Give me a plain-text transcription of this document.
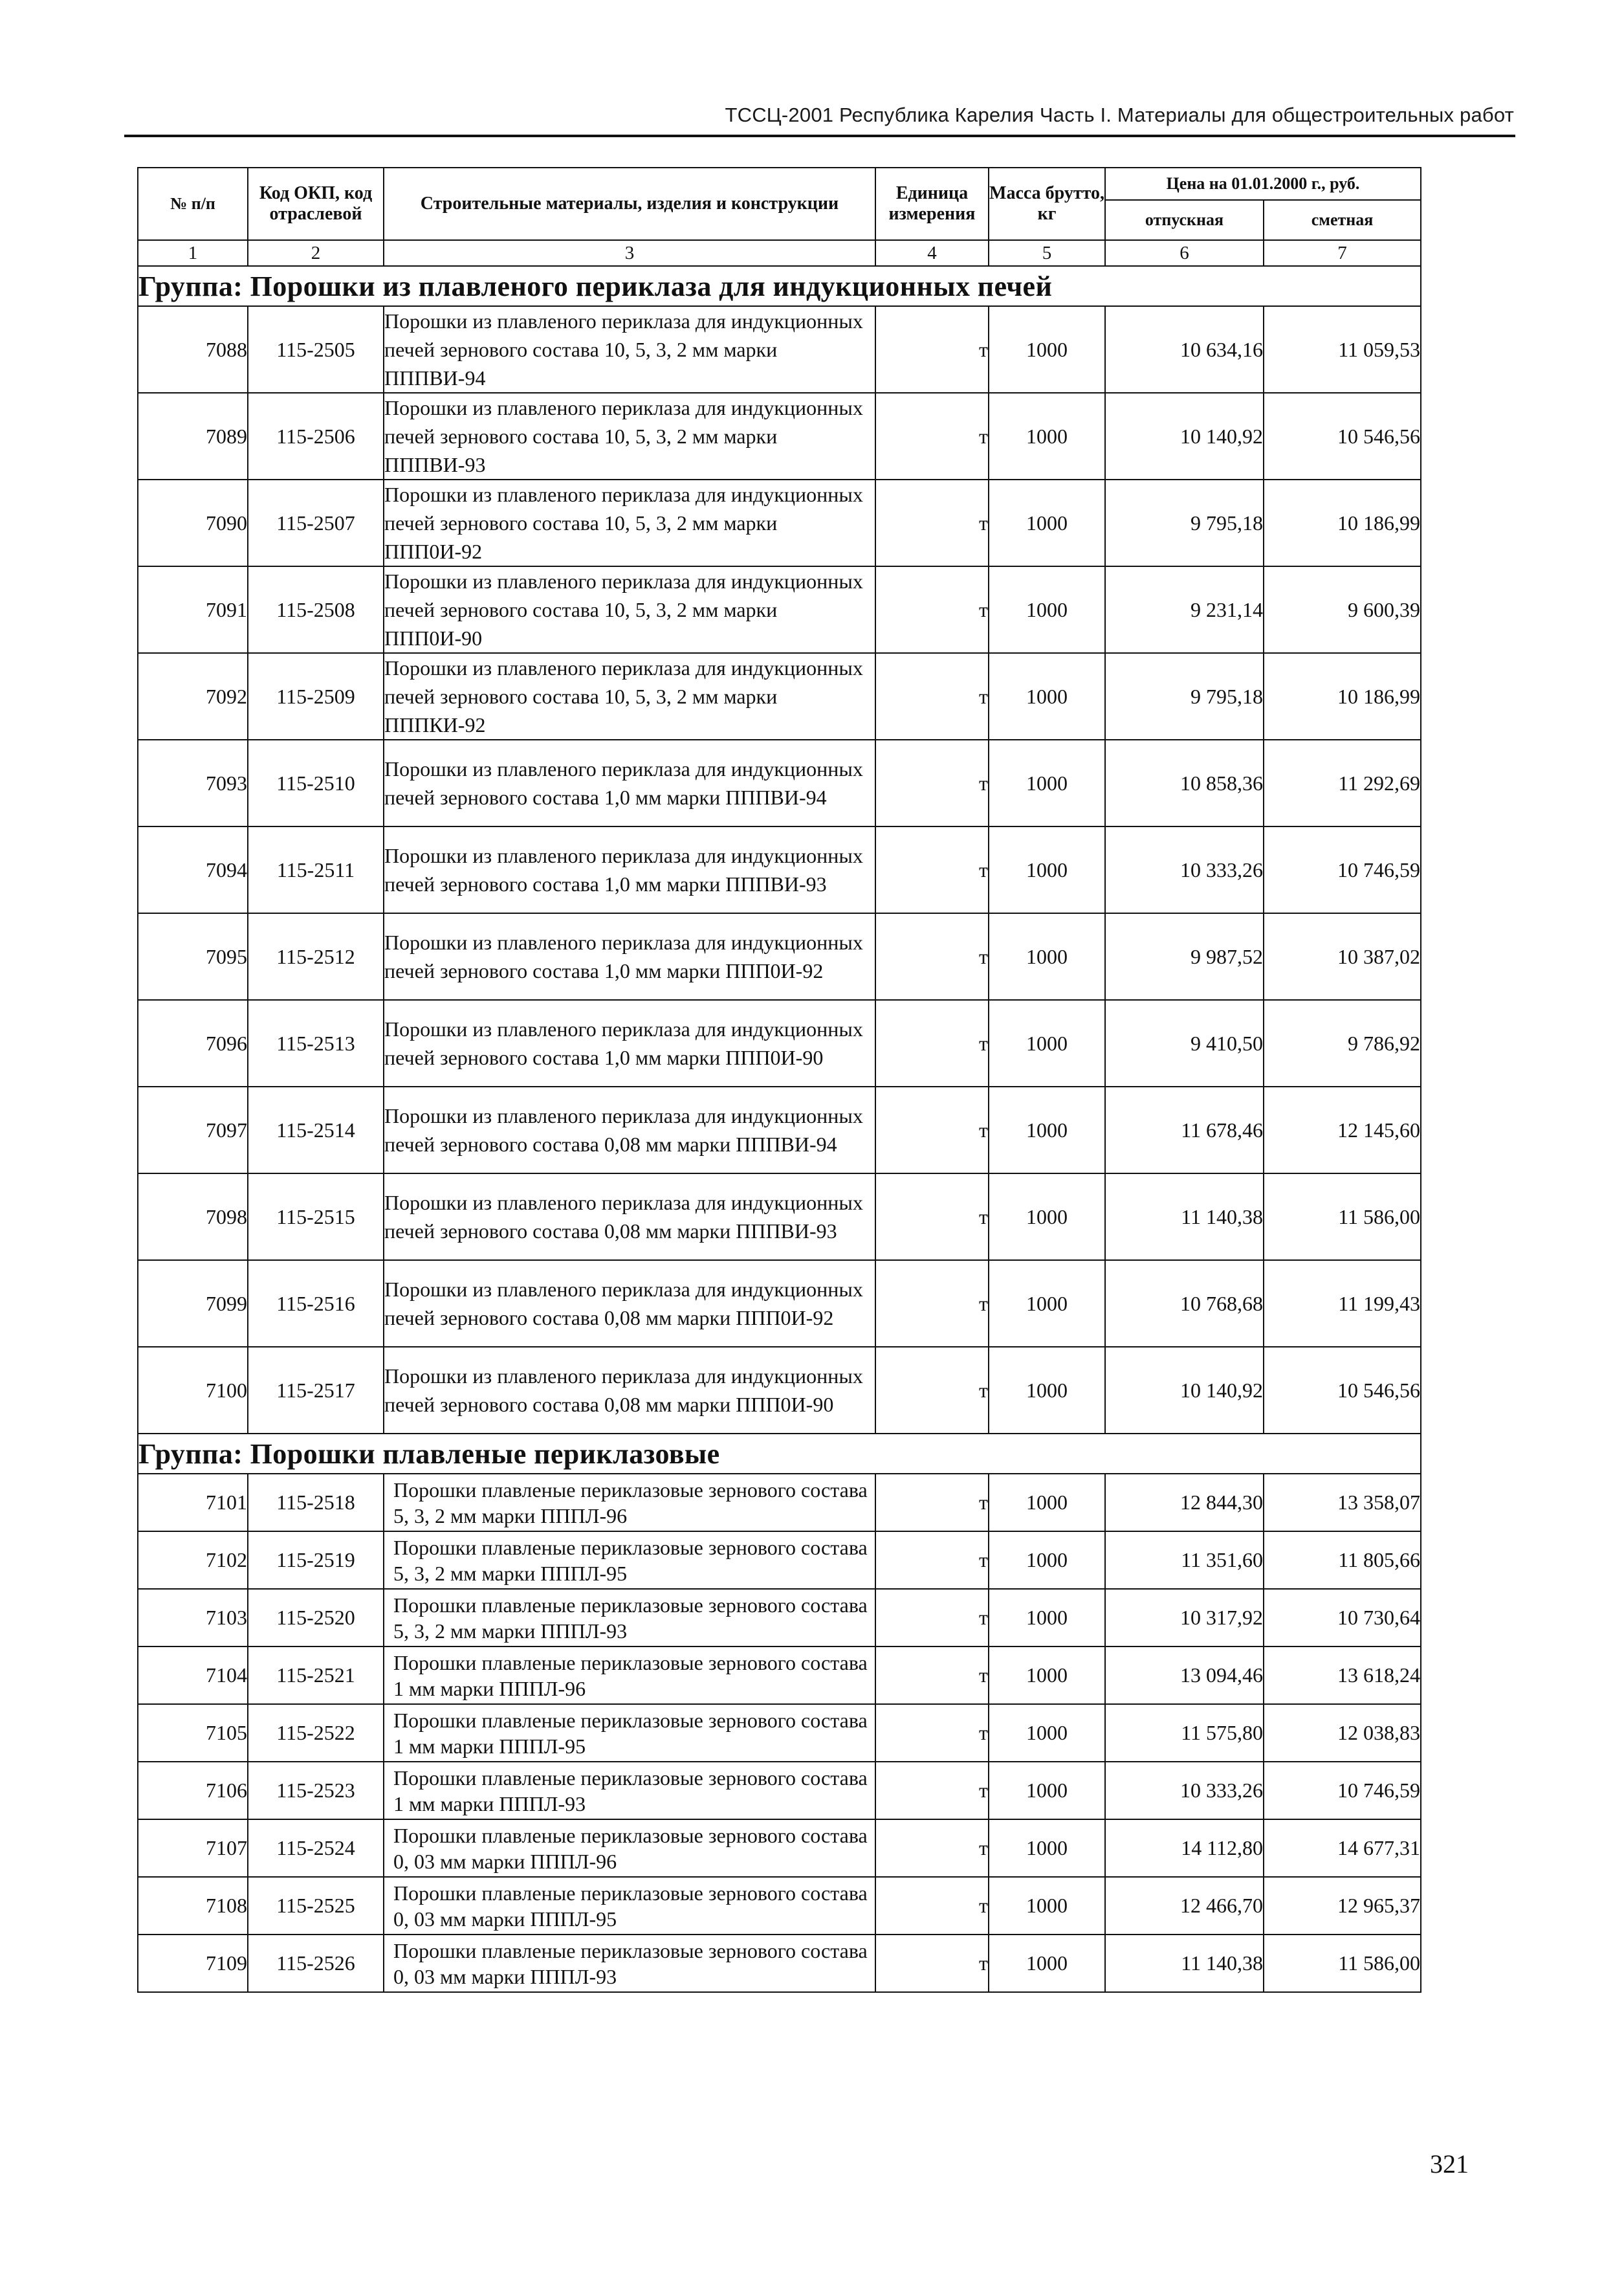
ТССЦ-2001 Республика Карелия Часть I. Материалы для общестроительных работ
№ п/п	Код ОКП, код отраслевой	Строительные материалы, изделия и конструкции	Единица измерения	Масса брутто, кг	Цена на 01.01.2000 г., руб.	
					отпускная	сметная
1	2	3	4	5	6	7
Группа: Порошки из плавленого периклаза для индукционных печей						
7088	115-2505	Порошки из плавленого периклаза для индукционных печей зернового состава 10, 5, 3, 2 мм марки ПППВИ-94	т	1000	10 634,16	11 059,53
7089	115-2506	Порошки из плавленого периклаза для индукционных печей зернового состава 10, 5, 3, 2 мм марки ПППВИ-93	т	1000	10 140,92	10 546,56
7090	115-2507	Порошки из плавленого периклаза для индукционных печей зернового состава 10, 5, 3, 2 мм марки ППП0И-92	т	1000	9 795,18	10 186,99
7091	115-2508	Порошки из плавленого периклаза для индукционных печей зернового состава 10, 5, 3, 2 мм марки ППП0И-90	т	1000	9 231,14	9 600,39
7092	115-2509	Порошки из плавленого периклаза для индукционных печей зернового состава 10, 5, 3, 2 мм марки ПППКИ-92	т	1000	9 795,18	10 186,99
7093	115-2510	Порошки из плавленого периклаза для индукционных печей зернового состава 1,0 мм марки ПППВИ-94	т	1000	10 858,36	11 292,69
7094	115-2511	Порошки из плавленого периклаза для индукционных печей зернового состава 1,0 мм марки ПППВИ-93	т	1000	10 333,26	10 746,59
7095	115-2512	Порошки из плавленого периклаза для индукционных печей зернового состава 1,0 мм марки ППП0И-92	т	1000	9 987,52	10 387,02
7096	115-2513	Порошки из плавленого периклаза для индукционных печей зернового состава 1,0 мм марки ППП0И-90	т	1000	9 410,50	9 786,92
7097	115-2514	Порошки из плавленого периклаза для индукционных печей зернового состава 0,08 мм марки ПППВИ-94	т	1000	11 678,46	12 145,60
7098	115-2515	Порошки из плавленого периклаза для индукционных печей зернового состава 0,08 мм марки ПППВИ-93	т	1000	11 140,38	11 586,00
7099	115-2516	Порошки из плавленого периклаза для индукционных печей зернового состава 0,08 мм марки ППП0И-92	т	1000	10 768,68	11 199,43
7100	115-2517	Порошки из плавленого периклаза для индукционных печей зернового состава 0,08 мм марки ППП0И-90	т	1000	10 140,92	10 546,56
Группа: Порошки плавленые периклазовые						
7101	115-2518	Порошки плавленые периклазовые зернового состава 5, 3, 2 мм марки ПППЛ-96	т	1000	12 844,30	13 358,07
7102	115-2519	Порошки плавленые периклазовые зернового состава 5, 3, 2 мм марки ПППЛ-95	т	1000	11 351,60	11 805,66
7103	115-2520	Порошки плавленые периклазовые зернового состава 5, 3, 2 мм марки ПППЛ-93	т	1000	10 317,92	10 730,64
7104	115-2521	Порошки плавленые периклазовые зернового состава 1 мм марки ПППЛ-96	т	1000	13 094,46	13 618,24
7105	115-2522	Порошки плавленые периклазовые зернового состава 1 мм марки ПППЛ-95	т	1000	11 575,80	12 038,83
7106	115-2523	Порошки плавленые периклазовые зернового состава 1 мм марки ПППЛ-93	т	1000	10 333,26	10 746,59
7107	115-2524	Порошки плавленые периклазовые зернового состава 0, 03 мм марки ПППЛ-96	т	1000	14 112,80	14 677,31
7108	115-2525	Порошки плавленые периклазовые зернового состава 0, 03 мм марки ПППЛ-95	т	1000	12 466,70	12 965,37
7109	115-2526	Порошки плавленые периклазовые зернового состава 0, 03 мм марки ПППЛ-93	т	1000	11 140,38	11 586,00
321
